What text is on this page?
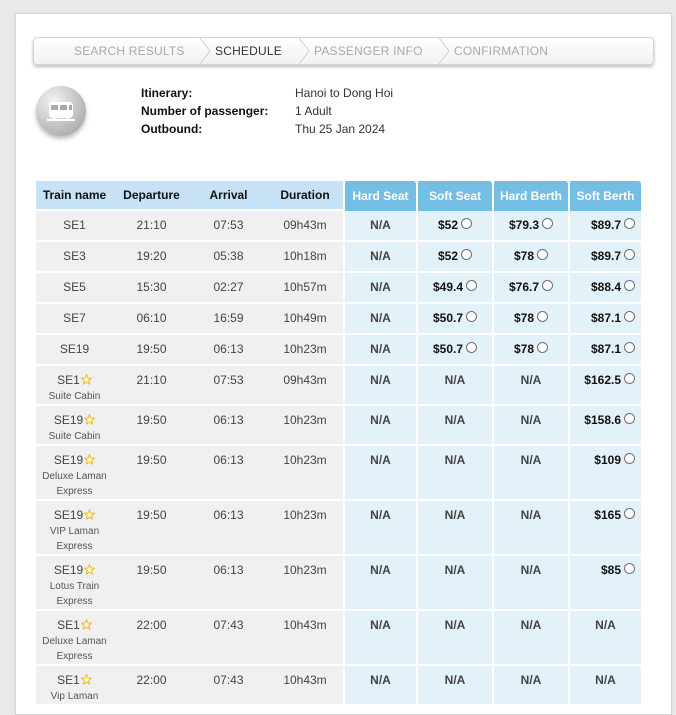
SEARCH RESULTS	SCHEDULE	PASSENGER INFO	CONFIRMATION
Itinerary:	Hanoi to Dong Hoi
Number of passenger: 1 Adult
Outbound:	Thu 25 Jan 2024
Train name	Departure	Arrival	Duration	Hard Seat	Soft Seat	Hard Berth	Soft Berth

SE1	21:10	07:53	09h43m	N/A	$52	$79.3	$89.7

SE3	19:20	05:38	10h18m	N/A	$52	$78	$89.7

SE5	15:30	02:27	10h57m	N/A	$49.4	$76.7	$88.4

SE7	06:10	16:59	10h49m	N/A	$50.7	$78	$87.1

SE19	19:50	06:13	10h23m	N/A	$50.7	$78	$87.1

SE1
Suite Cabin	21:10	07:53	09h43m	N/A	N/A	N/A	$162.5

SE19
Suite Cabin	19:50	06:13	10h23m	N/A	N/A	N/A	$158.6

SE19
Deluxe Laman
Express	19:50	06:13	10h23m	N/A	N/A	N/A	$109

SE19
VIP Laman
Express	19:50	06:13	10h23m	N/A	N/A	N/A	$165

SE19
Lotus Train
Express	19:50	06:13	10h23m	N/A	N/A	N/A	$85

SE1
Deluxe Laman
Express	22:00	07:43	10h43m	N/A	N/A	N/A	N/A

SE1
Vip Laman	22:00	07:43	10h43m	N/A	N/A	N/A	N/A
